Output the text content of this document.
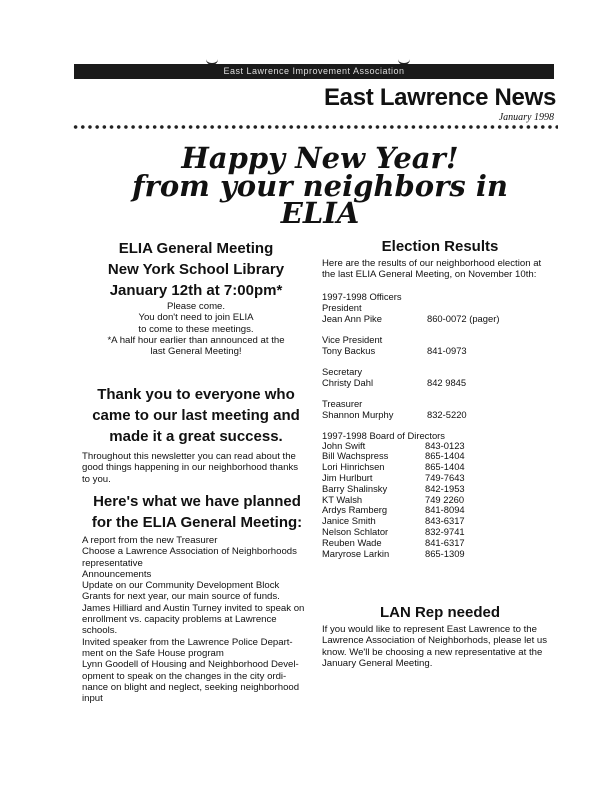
East Lawrence Improvement Association
East Lawrence News
January 1998
Happy New Year!
from your neighbors in
ELIA
ELIA General Meeting
New York School Library
January 12th at 7:00pm*
Please come.
You don't need to join ELIA
to come to these meetings.
*A half hour earlier than announced at the
last General Meeting!
Thank you to everyone who
came to our last meeting and
made it a great success.
Throughout this newsletter you can read about the
good things happening in our neighborhood thanks
to you.
Here's what we have planned
for the ELIA General Meeting:
A report from the new Treasurer
Choose a Lawrence Association of Neighborhoods
representative
Announcements
Update on our Community Development Block
Grants for next year, our main source of funds.
James Hilliard and Austin Turney invited to speak on
enrollment vs. capacity problems at Lawrence
schools.
Invited speaker from the Lawrence Police Depart-
ment on the Safe House program
Lynn Goodell of Housing and Neighborhood Devel-
opment to speak on the changes in the city ordi-
nance on blight and neglect, seeking neighborhood
input
Election Results
Here are the results of our neighborhood election at
the last ELIA General Meeting, on November 10th:
1997-1998 Officers
President
Jean Ann Pike	860-0072 (pager)
Vice President
Tony Backus	841-0973
Secretary
Christy Dahl	842 9845
Treasurer
Shannon Murphy	832-5220
1997-1998 Board of Directors
John Swift	843-0123
Bill Wachspress	865-1404
Lori Hinrichsen	865-1404
Jim Hurlburt	749-7643
Barry Shalinsky	842-1953
KT Walsh	749 2260
Ardys Ramberg	841-8094
Janice Smith	843-6317
Nelson Schlator	832-9741
Reuben Wade	841-6317
Maryrose Larkin	865-1309
LAN Rep needed
If you would like to represent East Lawrence to the
Lawrence Association of Neighborhods, please let us
know. We'll be choosing a new representative at the
January General Meeting.
